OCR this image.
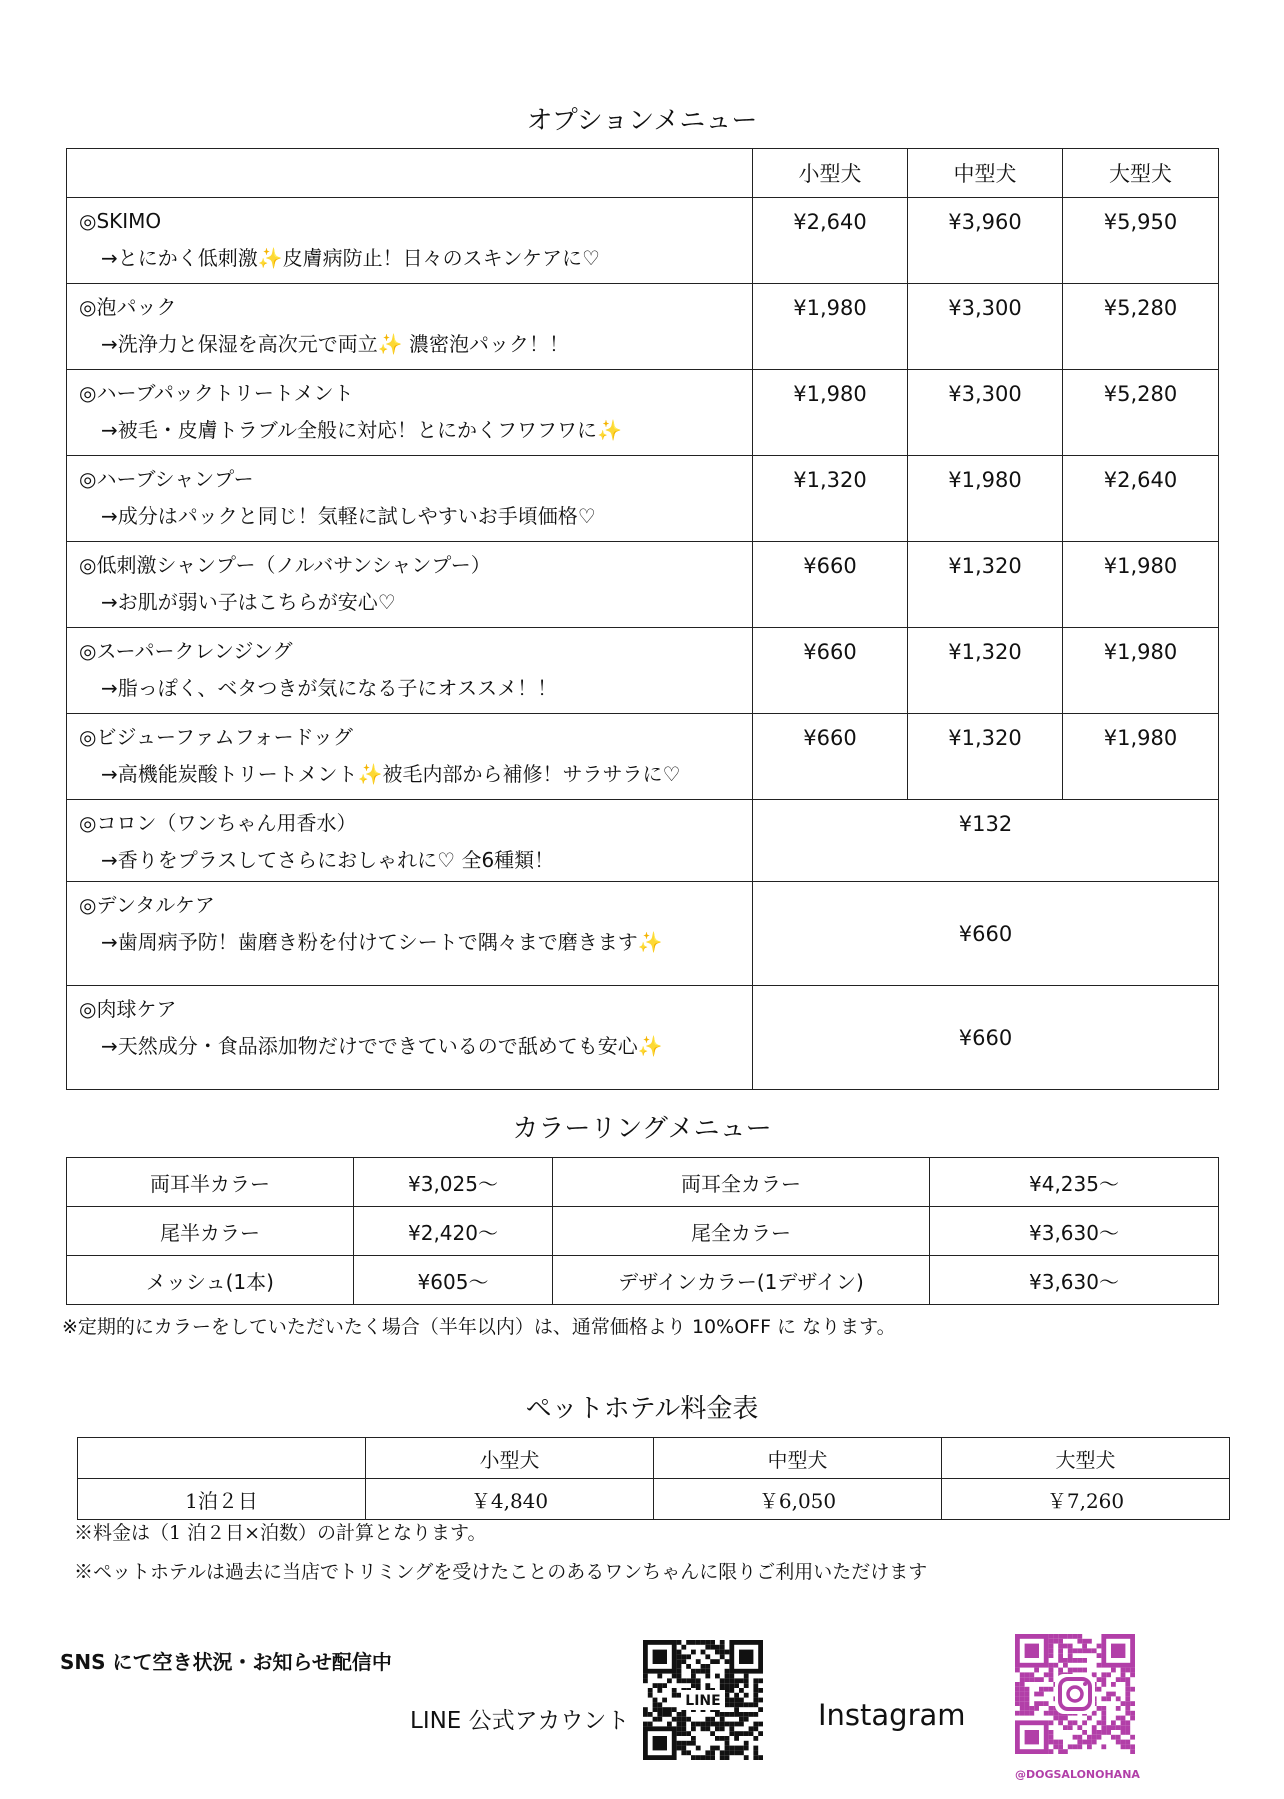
オプションメニュー
	小型犬	中型犬	大型犬

◎SKIMO
→とにかく低刺激✨皮膚病防止！日々のスキンケアに♡	¥2,640	¥3,960	¥5,950

◎泡パック
→洗浄力と保湿を高次元で両立✨ 濃密泡パック！！	¥1,980	¥3,300	¥5,280

◎ハーブパックトリートメント
→被毛・皮膚トラブル全般に対応！とにかくフワフワに✨	¥1,980	¥3,300	¥5,280

◎ハーブシャンプー
→成分はパックと同じ！気軽に試しやすいお手頃価格♡	¥1,320	¥1,980	¥2,640

◎低刺激シャンプー（ノルバサンシャンプー）
→お肌が弱い子はこちらが安心♡	¥660	¥1,320	¥1,980

◎スーパークレンジング
→脂っぽく、ベタつきが気になる子にオススメ！！	¥660	¥1,320	¥1,980

◎ビジューファムフォードッグ
→高機能炭酸トリートメント✨被毛内部から補修！サラサラに♡	¥660	¥1,320	¥1,980

◎コロン（ワンちゃん用香水）
→香りをプラスしてさらにおしゃれに♡ 全6種類！	¥132		

◎デンタルケア
→歯周病予防！歯磨き粉を付けてシートで隅々まで磨きます✨	¥660		

◎肉球ケア
→天然成分・食品添加物だけでできているので舐めても安心✨	¥660		
カラーリングメニュー
両耳半カラー	¥3,025～	両耳全カラー	¥4,235～
尾半カラー	¥2,420～	尾全カラー	¥3,630～
メッシュ(1本)	¥605～	デザインカラー(1デザイン)	¥3,630～
※定期的にカラーをしていただいたく場合（半年以内）は、通常価格より 10%OFF に なります。
ペットホテル料金表
	小型犬	中型犬	大型犬
1泊２日	￥4,840	￥6,050	￥7,260
※料金は（1 泊２日×泊数）の計算となります。
※ペットホテルは過去に当店でトリミングを受けたことのあるワンちゃんに限りご利用いただけます
SNS にて空き状況・お知らせ配信中
LINE 公式アカウント
LINE	Instagram
@DOGSALONOHANA
